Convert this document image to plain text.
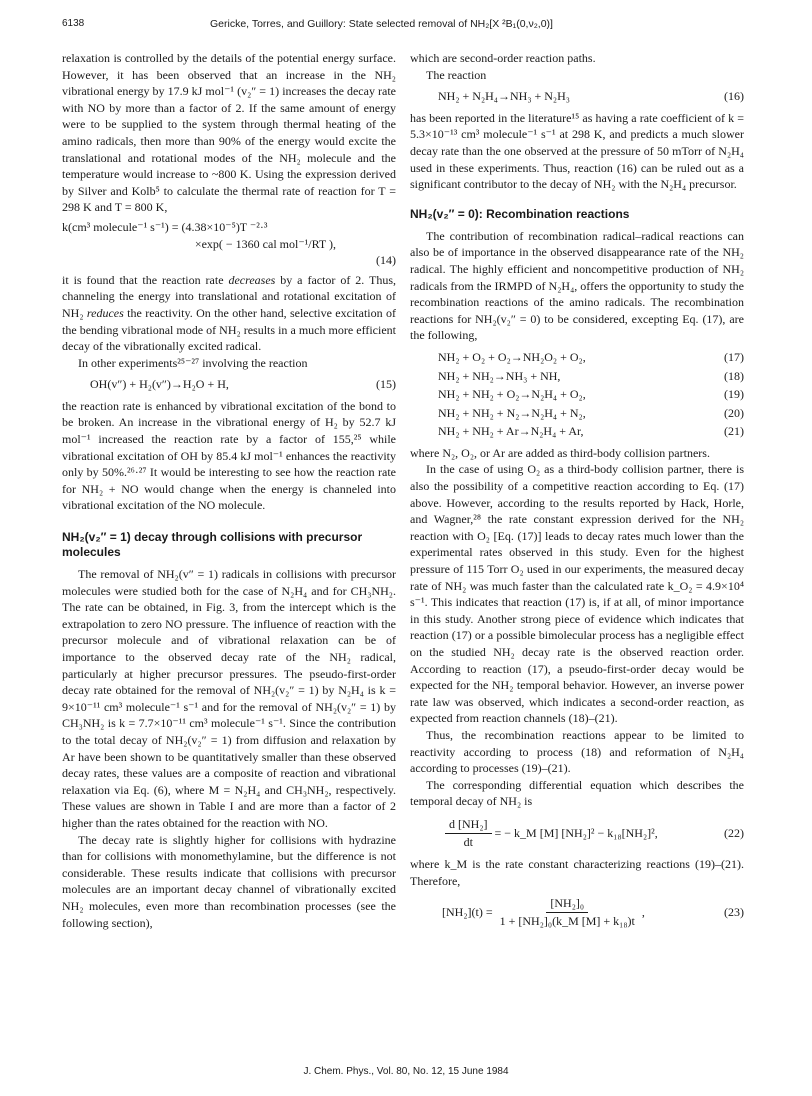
6138	Gericke, Torres, and Guillory: State selected removal of NH₂[X ²B₁(0,ν₂,0)]

relaxation is controlled by the details of the potential energy surface. However, it has been observed that an increase in the NH₂ vibrational energy by 17.9 kJ mol⁻¹ (v₂″ = 1) increases the decay rate with NO by more than a factor of 2. If the same amount of energy were to be supplied to the system through thermal heating of the amino radicals, then more than 90% of the energy would excite the translational and rotational modes of the NH₂ molecule and the temperature would increase to ~800 K. Using the expression derived by Silver and Kolb⁵ to calculate the thermal rate of reaction for T = 298 K and T = 800 K,

k(cm³ molecule⁻¹ s⁻¹) = (4.38×10⁻⁵)T ⁻²·³
×exp( − 1360 cal mol⁻¹/RT ),
(14)

it is found that the reaction rate decreases by a factor of 2. Thus, channeling the energy into translational and rotational excitation of NH₂ reduces the reactivity. On the other hand, selective excitation of the bending vibrational mode of NH₂ results in a much more efficient decay of the vibrationally excited radical.

In other experiments²⁵⁻²⁷ involving the reaction

OH(v″) + H₂(v″)→H₂O + H,	(15)

the reaction rate is enhanced by vibrational excitation of the bond to be broken. An increase in the vibrational energy of H₂ by 52.7 kJ mol⁻¹ increased the reaction rate by a factor of 155,²⁵ while vibrational excitation of OH by 85.4 kJ mol⁻¹ enhances the reactivity only by 50%.²⁶·²⁷ It would be interesting to see how the reaction rate for NH₂ + NO would change when the energy is channeled into vibrational excitation of the NO molecule.

NH₂(v₂″ = 1) decay through collisions with precursor molecules

The removal of NH₂(v″ = 1) radicals in collisions with precursor molecules were studied both for the case of N₂H₄ and for CH₃NH₂. The rate can be obtained, in Fig. 3, from the intercept which is the extrapolation to zero NO pressure. The influence of reaction with the precursor molecule and of vibrational relaxation can be of importance to the observed decay rate of the NH₂ radical, particularly at higher precursor pressures. The pseudo-first-order decay rate obtained for the removal of NH₂(v₂″ = 1) by N₂H₄ is k = 9×10⁻¹¹ cm³ molecule⁻¹ s⁻¹ and for the removal of NH₂(v₂″ = 1) by CH₃NH₂ is k = 7.7×10⁻¹¹ cm³ molecule⁻¹ s⁻¹. Since the contribution to the total decay of NH₂(v₂″ = 1) from diffusion and relaxation by Ar have been shown to be quantitatively smaller than these observed decay rates, these values are a composite of reaction and vibrational relaxation via Eq. (6), where M = N₂H₄ and CH₃NH₂, respectively. These values are shown in Table I and are more than a factor of 2 higher than the rates obtained for the reaction with NO.

The decay rate is slightly higher for collisions with hydrazine than for collisions with monomethylamine, but the difference is not considerable. These results indicate that collisions with precursor molecules are an important decay channel of vibrationally excited NH₂ molecules, even more than recombination processes (see the following section),

which are second-order reaction paths.

The reaction

NH₂ + N₂H₄→NH₃ + N₂H₃	(16)

has been reported in the literature¹⁵ as having a rate coefficient of k = 5.3×10⁻¹³ cm³ molecule⁻¹ s⁻¹ at 298 K, and predicts a much slower decay rate than the one observed at the pressure of 50 mTorr of N₂H₄ used in these experiments. Thus, reaction (16) can be ruled out as a significant contributor to the decay of NH₂ with the N₂H₄ precursor.

NH₂(v₂″ = 0): Recombination reactions

The contribution of recombination radical–radical reactions can also be of importance in the observed disappearance rate of the NH₂ radical. The highly efficient and noncompetitive production of NH₂ radicals from the IRMPD of N₂H₄, offers the opportunity to study the recombination reactions of the amino radicals. The recombination reactions for NH₂(v₂″ = 0) to be considered, excepting Eq. (17), are the following,

NH₂ + O₂ + O₂→NH₂O₂ + O₂,	(17)
NH₂ + NH₂→NH₃ + NH,	(18)
NH₂ + NH₂ + O₂→N₂H₄ + O₂,	(19)
NH₂ + NH₂ + N₂→N₂H₄ + N₂,	(20)
NH₂ + NH₂ + Ar→N₂H₄ + Ar,	(21)

where N₂, O₂, or Ar are added as third-body collision partners.

In the case of using O₂ as a third-body collision partner, there is also the possibility of a competitive reaction according to Eq. (17) above. However, according to the results reported by Hack, Horle, and Wagner,²⁸ the rate constant expression derived for the NH₂ reaction with O₂ [Eq. (17)] leads to decay rates much lower than the experimental rates observed in this study. Even for the highest pressure of 115 Torr O₂ used in our experiments, the measured decay rate of NH₂ was much faster than the calculated rate k_O₂ = 4.9×10⁴ s⁻¹. This indicates that reaction (17) is, if at all, of minor importance in this study. Another strong piece of evidence which indicates that reaction (17) or a possible bimolecular process has a negligible effect on the studied NH₂ decay rate is the observed reaction order. According to reaction (17), a pseudo-first-order decay would be expected for the NH₂ temporal behavior. However, an inverse power rate law was observed, which indicates a second-order reaction, as expected from reaction channels (18)–(21).

Thus, the recombination reactions appear to be limited to reactivity according to process (18) and reformation of N₂H₄ according to processes (19)–(21).

The corresponding differential equation which describes the temporal decay of NH₂ is

$\frac{\text{d [NH₂]}}{dt}$ = − k_M [M] [NH₂]² − k₁₈[NH₂]²,	(22)

where k_M is the rate constant characterizing reactions (19)–(21). Therefore,

$[NH_2](t) = \frac{\text{[NH₂]₀}}{\text{1 + [NH₂]₀(k\_M [M] + k₁₈)t}}$ ,	(23)
J. Chem. Phys., Vol. 80, No. 12, 15 June 1984
